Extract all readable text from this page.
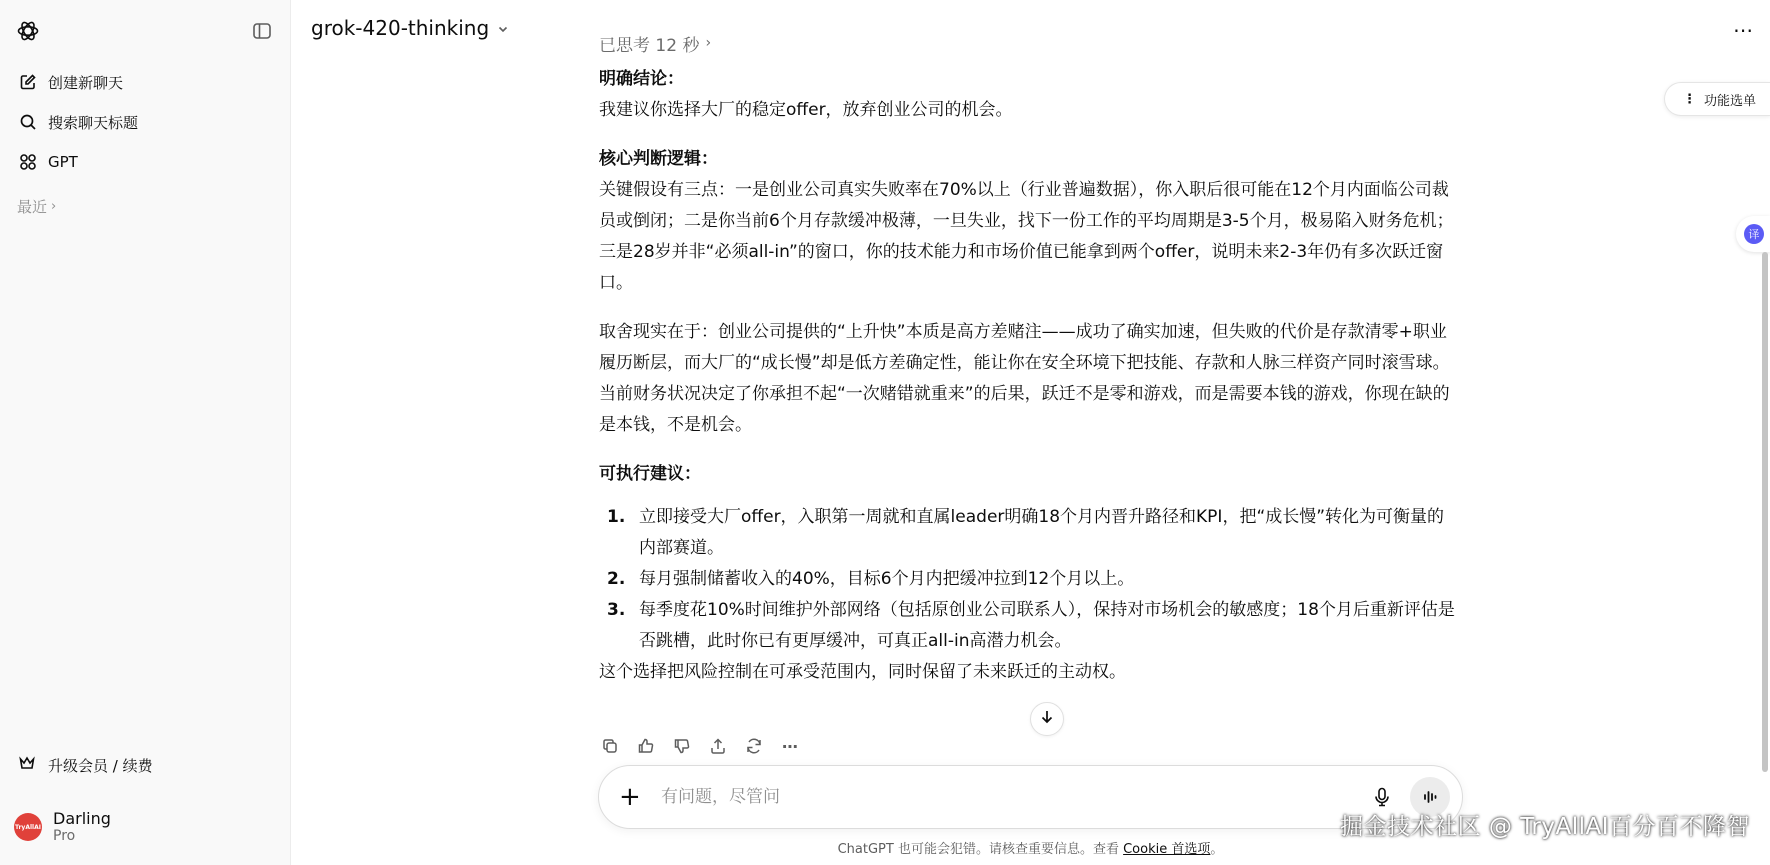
创建新聊天
搜索聊天标题
GPT
最近 ›
升级会员 / 续费
TryAllAI Darling
Pro
grok-420-thinking	⋯
⋮ 功能选单
译
已思考 12 秒 ›
明确结论：

我建议你选择大厂的稳定offer，放弃创业公司的机会。

核心判断逻辑：

关键假设有三点：一是创业公司真实失败率在70%以上（行业普遍数据），你入职后很可能在12个月内面临公司裁员或倒闭；二是你当前6个月存款缓冲极薄，一旦失业，找下一份工作的平均周期是3-5个月，极易陷入财务危机；三是28岁并非“必须all-in”的窗口，你的技术能力和市场价值已能拿到两个offer，说明未来2-3年仍有多次跃迁窗口。

取舍现实在于：创业公司提供的“上升快”本质是高方差赌注——成功了确实加速，但失败的代价是存款清零+职业履历断层，而大厂的“成长慢”却是低方差确定性，能让你在安全环境下把技能、存款和人脉三样资产同时滚雪球。当前财务状况决定了你承担不起“一次赌错就重来”的后果，跃迁不是零和游戏，而是需要本钱的游戏，你现在缺的是本钱，不是机会。

可执行建议：
1. 立即接受大厂offer，入职第一周就和直属leader明确18个月内晋升路径和KPI，把“成长慢”转化为可衡量的内部赛道。
2. 每月强制储蓄收入的40%，目标6个月内把缓冲拉到12个月以上。
3. 每季度花10%时间维护外部网络（包括原创业公司联系人），保持对市场机会的敏感度；18个月后重新评估是否跳槽，此时你已有更厚缓冲，可真正all-in高潜力机会。

这个选择把风险控制在可承受范围内，同时保留了未来跃迁的主动权。

⋯
+
有问题，尽管问
ChatGPT 也可能会犯错。请核查重要信息。查看 Cookie 首选项。
掘金技术社区 @ TryAllAI百分百不降智
